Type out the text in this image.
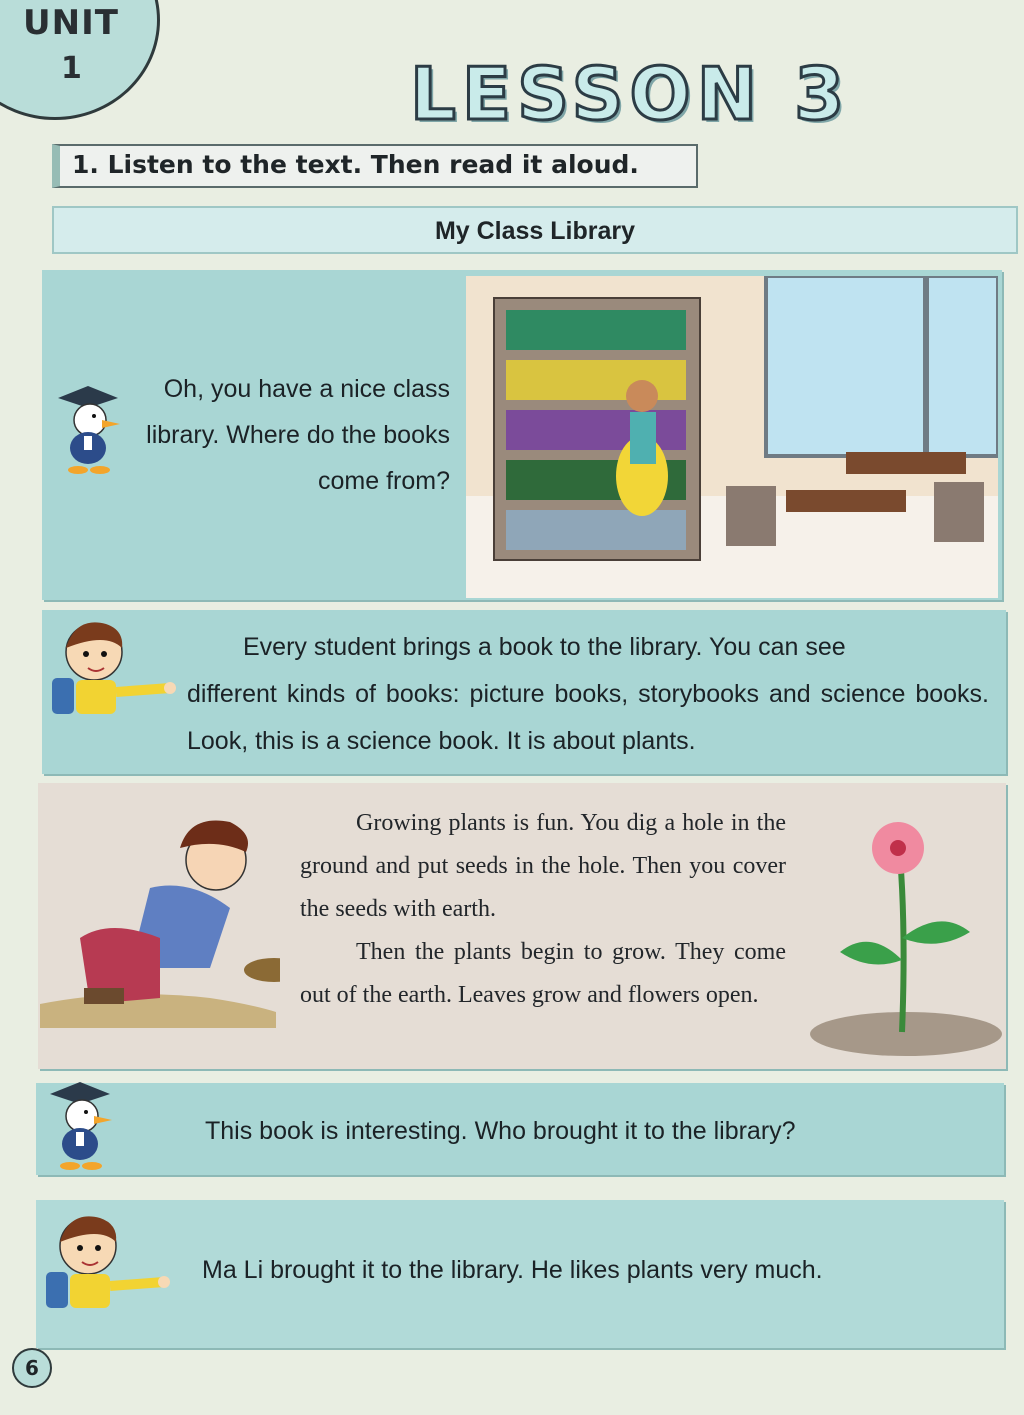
UNIT
1	LESSON 3
1. Listen to the text. Then read it aloud.
My Class Library
Oh, you have a nice class library. Where do the books come from?
Every student brings a book to the library. You can see
different kinds of books: picture books, storybooks and science books. Look, this is a science book. It is about plants.

Growing plants is fun. You dig a hole in the ground and put seeds in the hole. Then you cover the seeds with earth.

Then the plants begin to grow. They come out of the earth. Leaves grow and flowers open.

This book is interesting. Who brought it to the library?
Ma Li brought it to the library. He likes plants very much.
6
